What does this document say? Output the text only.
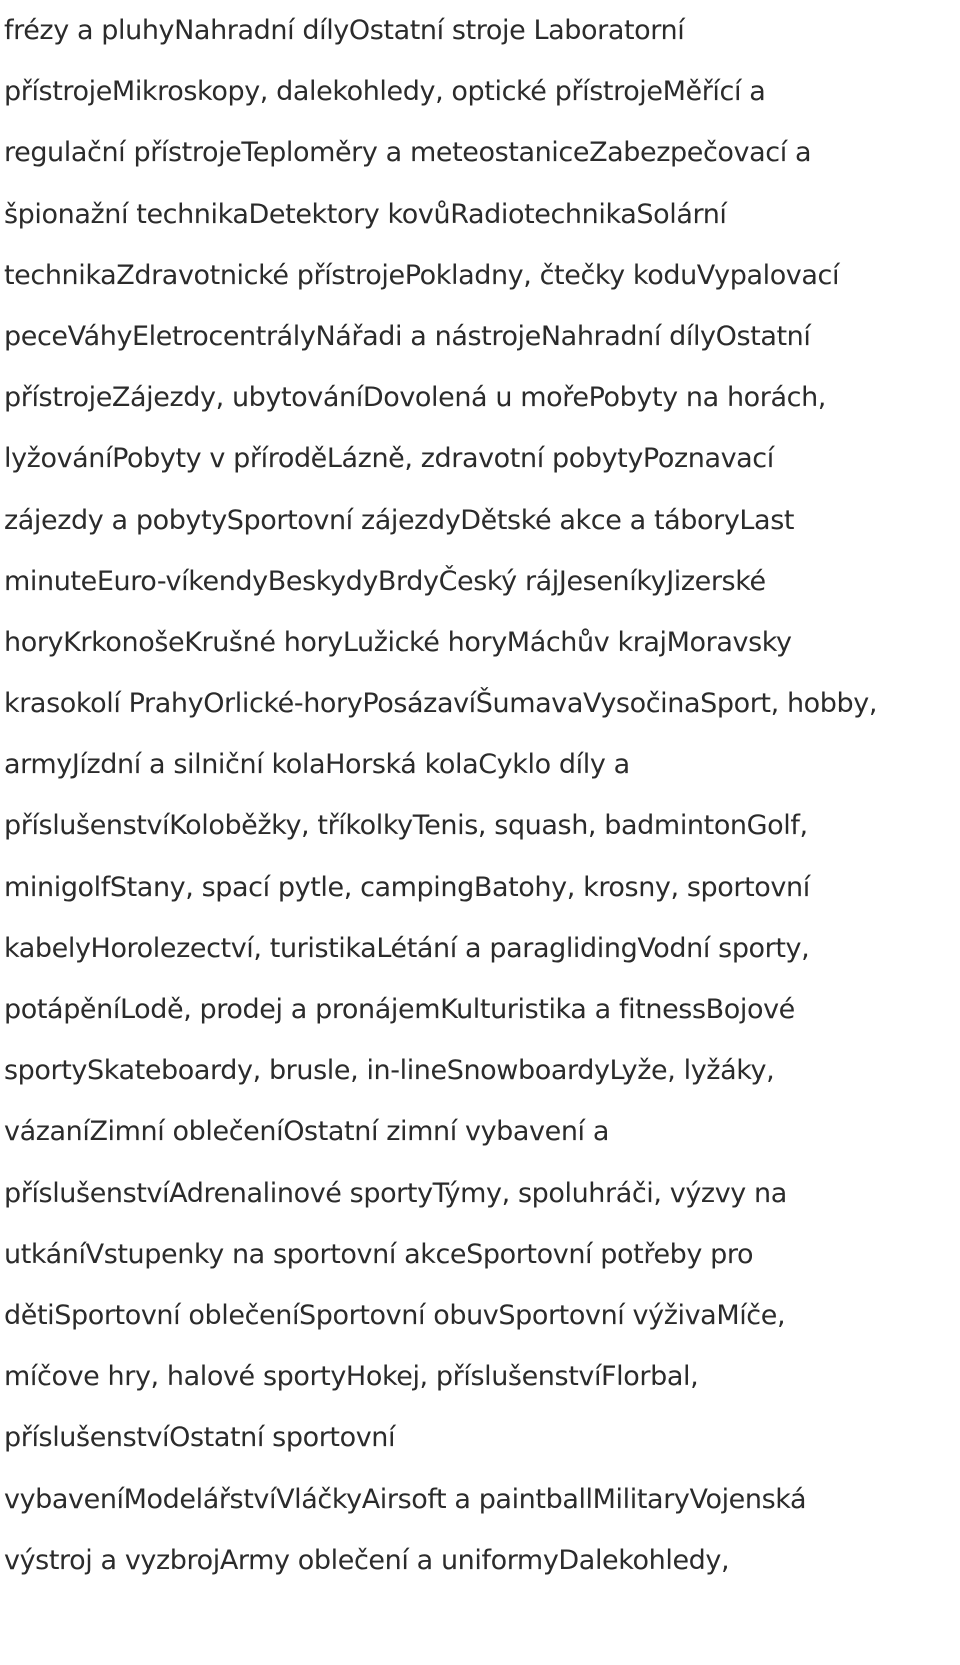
frézy a pluhyNahradní dílyOstatní stroje Laboratorní
přístrojeMikroskopy, dalekohledy, optické přístrojeMěřící a
regulační přístrojeTeploměry a meteostaniceZabezpečovací a
špionažní technikaDetektory kovůRadiotechnikaSolární
technikaZdravotnické přístrojePokladny, čtečky koduVypalovací
peceVáhyEletrocentrályNářadi a nástrojeNahradní dílyOstatní
přístrojeZájezdy, ubytováníDovolená u mořePobyty na horách,
lyžováníPobyty v příroděLázně, zdravotní pobytyPoznavací
zájezdy a pobytySportovní zájezdyDětské akce a táboryLast
minuteEuro-víkendyBeskydyBrdyČeský rájJeseníkyJizerské
horyKrkonošeKrušné horyLužické horyMáchův krajMoravsky
krasokolí PrahyOrlické-horyPosázavíŠumavaVysočinaSport, hobby,
armyJízdní a silniční kolaHorská kolaCyklo díly a
příslušenstvíKoloběžky, tříkolkyTenis, squash, badmintonGolf,
minigolfStany, spací pytle, campingBatohy, krosny, sportovní
kabelyHorolezectví, turistikaLétání a paraglidingVodní sporty,
potápěníLodě, prodej a pronájemKulturistika a fitnessBojové
sportySkateboardy, brusle, in-lineSnowboardyLyže, lyžáky,
vázaníZimní oblečeníOstatní zimní vybavení a
příslušenstvíAdrenalinové sportyTýmy, spoluhráči, výzvy na
utkáníVstupenky na sportovní akceSportovní potřeby pro
dětiSportovní oblečeníSportovní obuvSportovní výživaMíče,
míčove hry, halové sportyHokej, příslušenstvíFlorbal,
příslušenstvíOstatní sportovní
vybaveníModelářstvíVláčkyAirsoft a paintballMilitaryVojenská
výstroj a vyzbrojArmy oblečení a uniformyDalekohledy,
